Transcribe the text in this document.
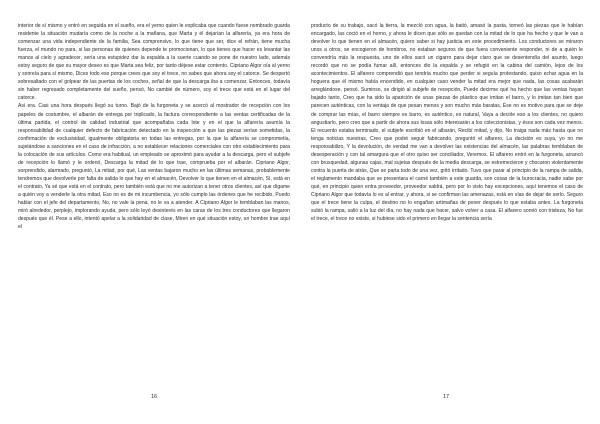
interior de sí mismo y entró en seguida en el sueño, era el yerno quien le explicaba que cuando fuese nombrado guarda residente la situación mudaría como de la noche a la mañana, que Marta y él dejarían la alfarería, ya era hora de comenzar una vida independiente de la familia, Sea comprensivo, lo que tiene que ser, dice el refrán, tiene mucha fuerza, el mundo no para, si las personas de quienes depende te promocionan, lo que tienes que hacer es levantar las manos al cielo y agradecer, sería una estupidez dar la espalda a la suerte cuando se pone de nuestro lado, además estoy seguro de que su mayor deseo es que Marta sea feliz, por tanto déjese estar contento. Cipriano Algor oía al yerno y sonreía para sí mismo, Dices todo eso porque crees que soy el trece, no sabes que ahora soy el catorce. Se despertó sobresaltado con el golpear de las puertas de los coches, señal de que la descarga iba a comenzar. Entonces, todavía sin haber regresado completamente del sueño, pensó, No cambié de número, soy el trece que está en el lugar del catorce.
Así era. Casi una hora después llegó su turno. Bajó de la furgoneta y se acercó al mostrador de recepción con los papeles de costumbre, el albarán de entrega por triplicado, la factura correspondiente a las ventas certificadas de la última partida, el control de calidad industrial que acompañaba cada lote y en el que la alfarería asumía la responsabilidad de cualquier defecto de fabricación detectado en la inspección a que las piezas serían sometidas, la confirmación de exclusividad, igualmente obligatoria en todas las entregas, por la que la alfarería se comprometía, sujetándose a sanciones en el caso de infracción, a no establecer relaciones comerciales con otro establecimiento para la colocación de sus artículos. Como era habitual, un empleado se aproximó para ayudar a la descarga, pero el subjefe de recepción lo llamó y le ordenó, Descarga la mitad de lo que trae, comprueba por el albarán. Cipriano Algor, sorprendido, alarmado, preguntó, La mitad, por qué, Las ventas bajaron mucho en las últimas semanas, probablemente tendremos que devolverle por falta de salida lo que hay en el almacén, Devolver lo que tienen en el almacén, Sí, está en el contrato, Ya sé que está en el contrato, pero también está que no me autorizan a tener otros clientes, así que dígame a quién voy a venderle la otra mitad, Eso no es de mi incumbencia, yo sólo cumplo las órdenes que he recibido, Puedo hablar con el jefe del departamento, No, no vale la pena, no le va a atender. A Cipriano Algor le temblaban las manos, miró alrededor, perplejo, implorando ayuda, pero sólo leyó desinterés en las caras de los tres conductores que llegaron después que él. Pese a ello, intentó apelar a la solidaridad de clase, Miren en qué situación estoy, un hombre trae aquí el

producto de su trabajo, sacó la tierra, la mezcló con agua, la batió, amasó la pasta, torneó las piezas que le habían encargado, las coció en el horno, y ahora le dicen que sólo se quedan con la mitad de lo que ha hecho y que le van a devolver lo que tienen en el almacén, quiero saber si hay justicia en este procedimiento. Los conductores se miraron unos a otros, se encogieron de hombros, no estaban seguros de que fuera conveniente responder, ni de a quién le convendría más la respuesta, uno de ellos sacó un cigarro para dejar claro que se desentendía del asunto, luego recordó que no se podía fumar allí, entonces dio la espalda y se refugió en la cabina del camión, lejos de los acontecimientos. El alfarero comprendió que tendría mucho que perder si seguía protestando, quiso echar agua en la hoguera que él mismo había encendido, en cualquier caso vender la mitad era mejor que nada, las cosas acabarán arreglándose, pensó. Suminso, se dirigió al subjefe de recepción, Puede decirme qué ha hecho que las ventas hayan bajado tanto, Creo que ha sido la aparición de unas piezas de plástico que imitan el barro, y lo imitan tan bien que parecen auténticas, con la ventaja de que pesan menos y son mucho más baratas, Ése no es motivo para que se deje de comprar las mías, el barro siempre es barro, es auténtico, es natural, Vaya a decirle eso a los clientes, no quiero angustiarlo, pero creo que a partir de ahora sus losas sólo interesarán a los coleccionistas, y ésos son cada vez menos. El recuento estaba terminado, el subjefe escribió en el albarán, Recibí mitad, y dijo, No traiga nada más hasta que no tenga noticias nuestras, Creo que podré seguir fabricando, preguntó el alfarero, La decisión es suya, yo no me responsabilizo, Y la devolución, de verdad me van a devolver las existencias del almacén, las palabras temblaban de desesperación y con tal amargura que el otro quiso ser conciliador, Veremos. El alfarero entró en la furgoneta, arrancó con brusquedad, algunas cajas, mal sujetas después de la media descarga, se estremecieron y chocaron violentamente contra la puerta de atrás, Que se parta todo de una vez, gritó irritado. Tuvo que parar al principio de la rampa de salida, el reglamento mandaba que se presentara el carné también a este guarda, son cosas de la burocracia, nadie sabe por qué, en principio quien entra proveedor, proveedor saldrá, pero por lo visto hay excepciones, aquí tenemos el caso de Cipriano Algor que todavía lo es al entrar, y ahora, si se confirman las amenazas, está en vías de dejar de serlo. Seguro que el trece tiene la culpa, el destino no lo engañan artimañas de poner después lo que estaba antes. La furgoneta subió la rampa, salió a la luz del día, no hay nada que hacer, salvo volver a casa. El alfarero sonrió con tristeza, No fue el trece, el trece no existe, si hubiese sido el primero en llegar la sentencia sería

16	17
